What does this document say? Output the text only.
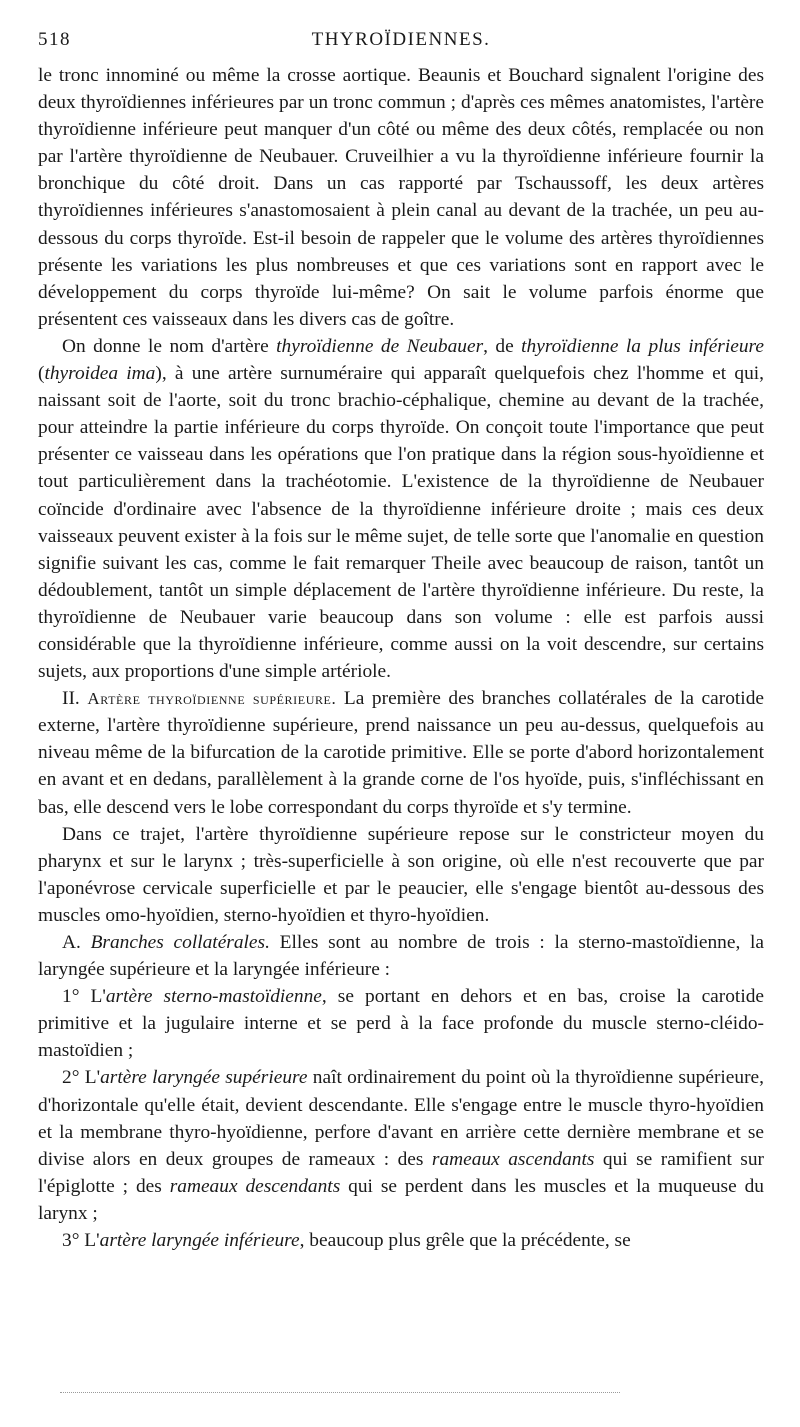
518	THYROÏDIENNES.

le tronc innominé ou même la crosse aortique. Beaunis et Bouchard signalent l'origine des deux thyroïdiennes inférieures par un tronc commun ; d'après ces mêmes anatomistes, l'artère thyroïdienne inférieure peut manquer d'un côté ou même des deux côtés, remplacée ou non par l'artère thyroïdienne de Neubauer. Cruveilhier a vu la thyroïdienne inférieure fournir la bronchique du côté droit. Dans un cas rapporté par Tschaussoff, les deux artères thyroïdiennes inférieures s'anastomosaient à plein canal au devant de la trachée, un peu au-dessous du corps thyroïde. Est-il besoin de rappeler que le volume des artères thyroïdiennes présente les variations les plus nombreuses et que ces variations sont en rapport avec le développement du corps thyroïde lui-même? On sait le volume parfois énorme que présentent ces vaisseaux dans les divers cas de goître.

On donne le nom d'artère thyroïdienne de Neubauer, de thyroïdienne la plus inférieure (thyroidea ima), à une artère surnuméraire qui apparaît quelquefois chez l'homme et qui, naissant soit de l'aorte, soit du tronc brachio-céphalique, chemine au devant de la trachée, pour atteindre la partie inférieure du corps thyroïde. On conçoit toute l'importance que peut présenter ce vaisseau dans les opérations que l'on pratique dans la région sous-hyoïdienne et tout particulièrement dans la trachéotomie. L'existence de la thyroïdienne de Neubauer coïncide d'ordinaire avec l'absence de la thyroïdienne inférieure droite ; mais ces deux vaisseaux peuvent exister à la fois sur le même sujet, de telle sorte que l'anomalie en question signifie suivant les cas, comme le fait remarquer Theile avec beaucoup de raison, tantôt un dédoublement, tantôt un simple déplacement de l'artère thyroïdienne inférieure. Du reste, la thyroïdienne de Neubauer varie beaucoup dans son volume : elle est parfois aussi considérable que la thyroïdienne inférieure, comme aussi on la voit descendre, sur certains sujets, aux proportions d'une simple artériole.

II. Artère thyroïdienne supérieure. La première des branches collatérales de la carotide externe, l'artère thyroïdienne supérieure, prend naissance un peu au-dessus, quelquefois au niveau même de la bifurcation de la carotide primitive. Elle se porte d'abord horizontalement en avant et en dedans, parallèlement à la grande corne de l'os hyoïde, puis, s'infléchissant en bas, elle descend vers le lobe correspondant du corps thyroïde et s'y termine.

Dans ce trajet, l'artère thyroïdienne supérieure repose sur le constricteur moyen du pharynx et sur le larynx ; très-superficielle à son origine, où elle n'est recouverte que par l'aponévrose cervicale superficielle et par le peaucier, elle s'engage bientôt au-dessous des muscles omo-hyoïdien, sterno-hyoïdien et thyro-hyoïdien.

A. Branches collatérales. Elles sont au nombre de trois : la sterno-mastoïdienne, la laryngée supérieure et la laryngée inférieure :

1° L'artère sterno-mastoïdienne, se portant en dehors et en bas, croise la carotide primitive et la jugulaire interne et se perd à la face profonde du muscle sterno-cléido-mastoïdien ;

2° L'artère laryngée supérieure naît ordinairement du point où la thyroïdienne supérieure, d'horizontale qu'elle était, devient descendante. Elle s'engage entre le muscle thyro-hyoïdien et la membrane thyro-hyoïdienne, perfore d'avant en arrière cette dernière membrane et se divise alors en deux groupes de rameaux : des rameaux ascendants qui se ramifient sur l'épiglotte ; des rameaux descendants qui se perdent dans les muscles et la muqueuse du larynx ;

3° L'artère laryngée inférieure, beaucoup plus grêle que la précédente, se
